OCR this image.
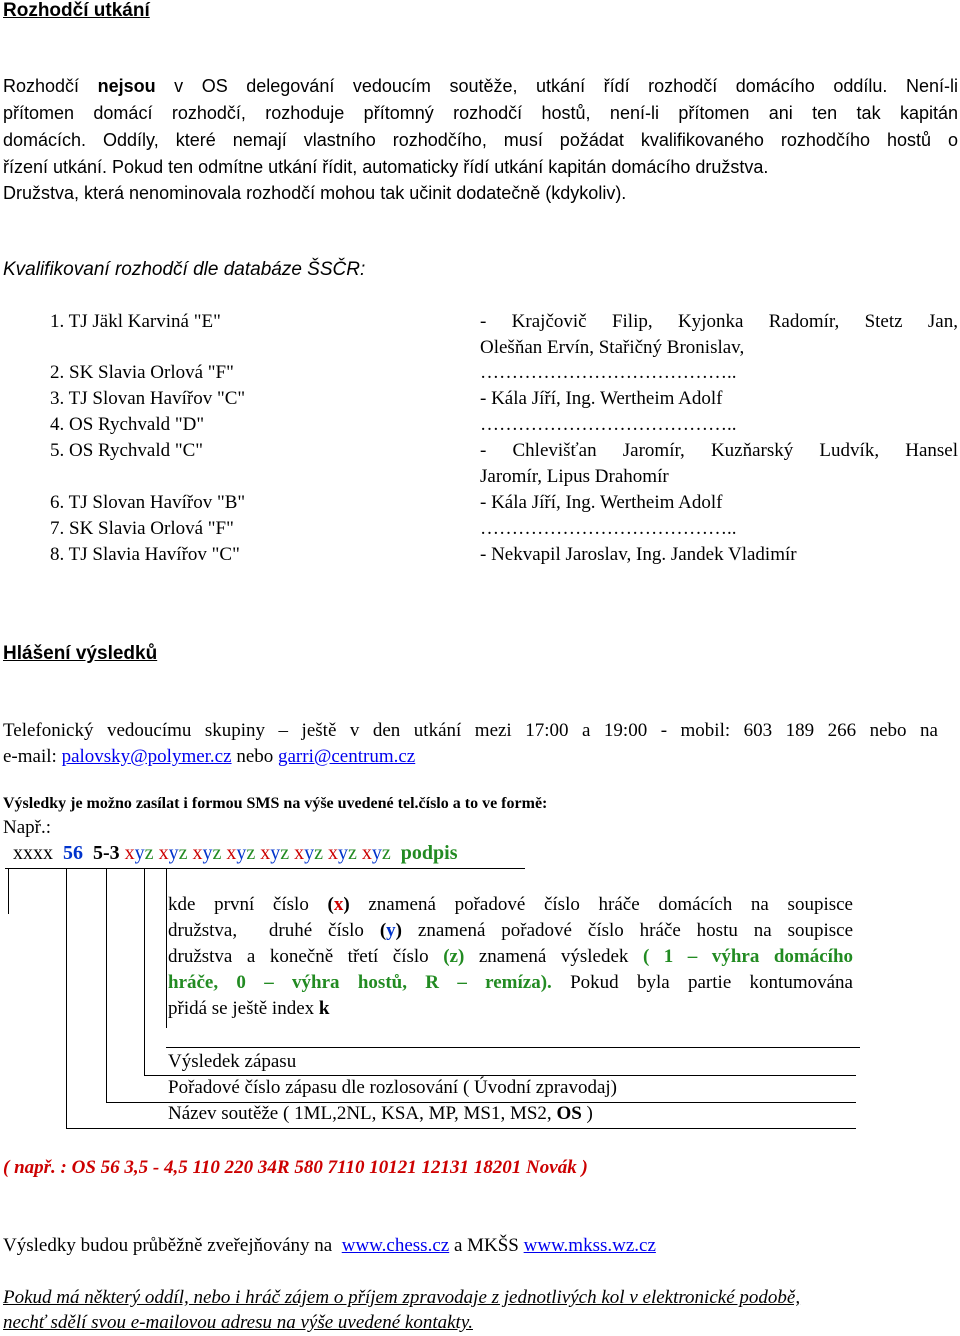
Rozhodčí utkání
Rozhodčí nejsou v OS delegování vedoucím soutěže, utkání řídí rozhodčí domácího oddílu. Není-li
přítomen domácí rozhodčí, rozhoduje přítomný rozhodčí hostů, není-li přítomen ani ten tak kapitán
domácích. Oddíly, které nemají vlastního rozhodčího, musí požádat kvalifikovaného rozhodčího hostů o
řízení utkání. Pokud ten odmítne utkání řídit, automaticky řídí utkání kapitán domácího družstva.
Družstva, která nenominovala rozhodčí mohou tak učinit dodatečně (kdykoliv).
Kvalifikovaní rozhodčí dle databáze ŠSČR:
1. TJ Jäkl Karviná "E"
2. SK Slavia Orlová "F"
3. TJ Slovan Havířov "C"
4. OS Rychvald "D"
5. OS Rychvald "C"
6. TJ Slovan Havířov "B"
7. SK Slavia Orlová "F"
8. TJ Slavia Havířov "C"
- Krajčovič Filip, Kyjonka Radomír, Stetz Jan,
Olešňan Ervín, Stařičný Bronislav,
…………………………………..
- Kála Jíří, Ing. Wertheim Adolf
…………………………………..
- Chlevišťan Jaromír, Kuzňarský Ludvík, Hansel
Jaromír, Lipus Drahomír
- Kála Jíří, Ing. Wertheim Adolf
…………………………………..
- Nekvapil Jaroslav, Ing. Jandek Vladimír
Hlášení výsledků
Telefonický vedoucímu skupiny – ještě v den utkání mezi 17:00 a 19:00 - mobil: 603 189 266 nebo na
e-mail: palovsky@polymer.cz nebo garri@centrum.cz
Výsledky je možno zasílat i formou SMS na výše uvedené tel.číslo a to ve formě:
Např.:
xxxx 56 5-3 xyz xyz xyz xyz xyz xyz xyz xyz podpis
kde první číslo (x) znamená pořadové číslo hráče domácích na soupisce
družstva,  druhé číslo (y) znamená pořadové číslo hráče hostu na soupisce
družstva a konečně třetí číslo (z) znamená výsledek ( 1 – výhra domácího
hráče, 0 – výhra hostů, R – remíza). Pokud byla partie kontumována
přidá se ještě index k
Výsledek zápasu
Pořadové číslo zápasu dle rozlosování ( Úvodní zpravodaj)
Název soutěže ( 1ML,2NL, KSA, MP, MS1, MS2, OS )
( např. : OS 56 3,5 - 4,5 110 220 34R 580 7110 10121 12131 18201 Novák )
Výsledky budou průběžně zveřejňovány na www.chess.cz a MKŠS www.mkss.wz.cz
Pokud má některý oddíl, nebo i hráč zájem o příjem zpravodaje z jednotlivých kol v elektronické podobě,
nechť sdělí svou e-mailovou adresu na výše uvedené kontakty.
